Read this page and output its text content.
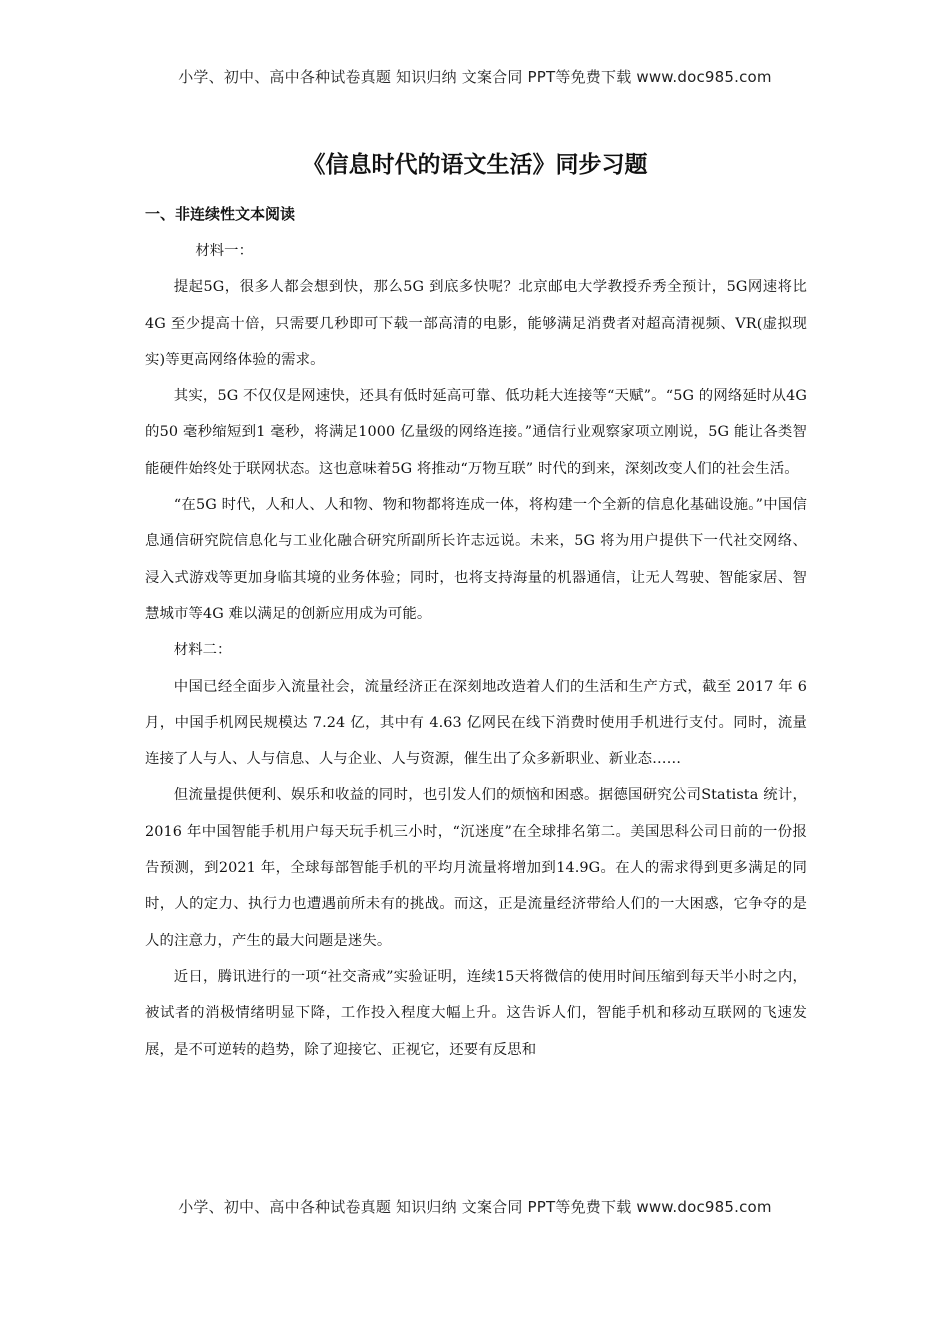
小学、初中、高中各种试卷真题 知识归纳 文案合同 PPT等免费下载 www.doc985.com
《信息时代的语文生活》同步习题
一、非连续性文本阅读

材料一：

提起5G，很多人都会想到快，那么5G 到底多快呢？北京邮电大学教授乔秀全预计，5G网速将比 4G 至少提高十倍，只需要几秒即可下载一部高清的电影，能够满足消费者对超高清视频、VR(虚拟现实)等更高网络体验的需求。

其实，5G 不仅仅是网速快，还具有低时延高可靠、低功耗大连接等“天赋”。“5G 的网络延时从4G 的50 毫秒缩短到1 毫秒，将满足1000 亿量级的网络连接。”通信行业观察家项立刚说，5G 能让各类智能硬件始终处于联网状态。这也意味着5G 将推动“万物互联” 时代的到来，深刻改变人们的社会生活。

“在5G 时代，人和人、人和物、物和物都将连成一体，将构建一个全新的信息化基础设施。”中国信息通信研究院信息化与工业化融合研究所副所长许志远说。未来，5G 将为用户提供下一代社交网络、浸入式游戏等更加身临其境的业务体验；同时，也将支持海量的机器通信，让无人驾驶、智能家居、智慧城市等4G 难以满足的创新应用成为可能。

材料二：

中国已经全面步入流量社会，流量经济正在深刻地改造着人们的生活和生产方式，截至 2017 年 6 月，中国手机网民规模达 7.24 亿，其中有 4.63 亿网民在线下消费时使用手机进行支付。同时，流量连接了人与人、人与信息、人与企业、人与资源，催生出了众多新职业、新业态……

但流量提供便利、娱乐和收益的同时，也引发人们的烦恼和困惑。据德国研究公司Statista 统计，2016 年中国智能手机用户每天玩手机三小时，“沉迷度”在全球排名第二。美国思科公司日前的一份报告预测，到2021 年，全球每部智能手机的平均月流量将增加到14.9G。在人的需求得到更多满足的同时，人的定力、执行力也遭遇前所未有的挑战。而这，正是流量经济带给人们的一大困惑，它争夺的是人的注意力，产生的最大问题是迷失。

近日，腾讯进行的一项“社交斋戒”实验证明，连续15天将微信的使用时间压缩到每天半小时之内，被试者的消极情绪明显下降，工作投入程度大幅上升。这告诉人们，智能手机和移动互联网的飞速发展，是不可逆转的趋势，除了迎接它、正视它，还要有反思和

小学、初中、高中各种试卷真题 知识归纳 文案合同 PPT等免费下载 www.doc985.com
